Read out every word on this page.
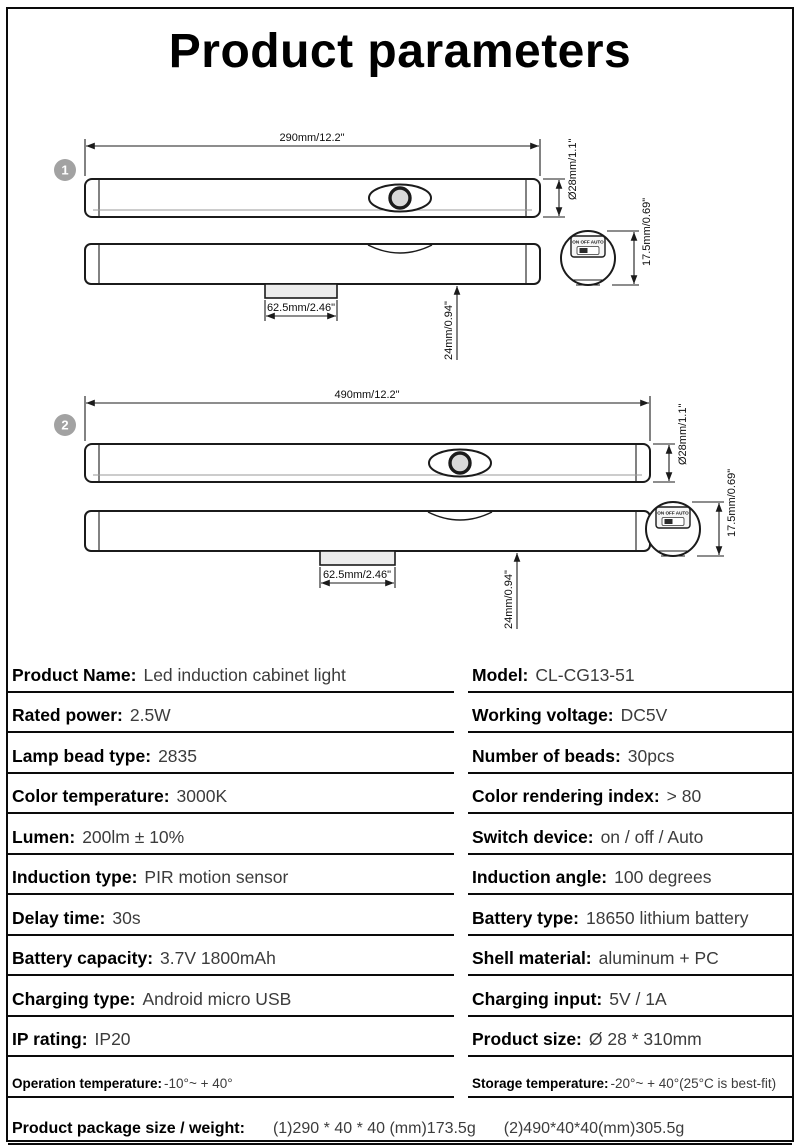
Product parameters
1
290mm/12.2"
Ø28mm/1.1"
62.5mm/2.46"	24mm/0.94"
ON OFF AUTO	17.5mm/0.69"
2
490mm/12.2"
Ø28mm/1.1"
62.5mm/2.46"	24mm/0.94"
ON OFF AUTO	17.5mm/0.69"
Product Name: Led induction cabinet light	Model: CL-CG13-51
Rated power: 2.5W	Working voltage: DC5V
Lamp bead type: 2835	Number of beads: 30pcs
Color temperature: 3000K	Color rendering index: > 80
Lumen: 200lm ± 10%	Switch device: on / off / Auto
Induction type: PIR motion sensor	Induction angle: 100 degrees
Delay time: 30s	Battery type: 18650 lithium battery
Battery capacity: 3.7V 1800mAh	Shell material: aluminum + PC
Charging type: Android micro USB	Charging input: 5V / 1A
IP rating: IP20	Product size: Ø 28 * 310mm
Operation temperature: -10°~ + 40°	Storage temperature: -20°~ + 40°(25°C is best-fit)
Product package size / weight: (1)290 * 40 * 40 (mm)173.5g (2)490*40*40(mm)305.5g
